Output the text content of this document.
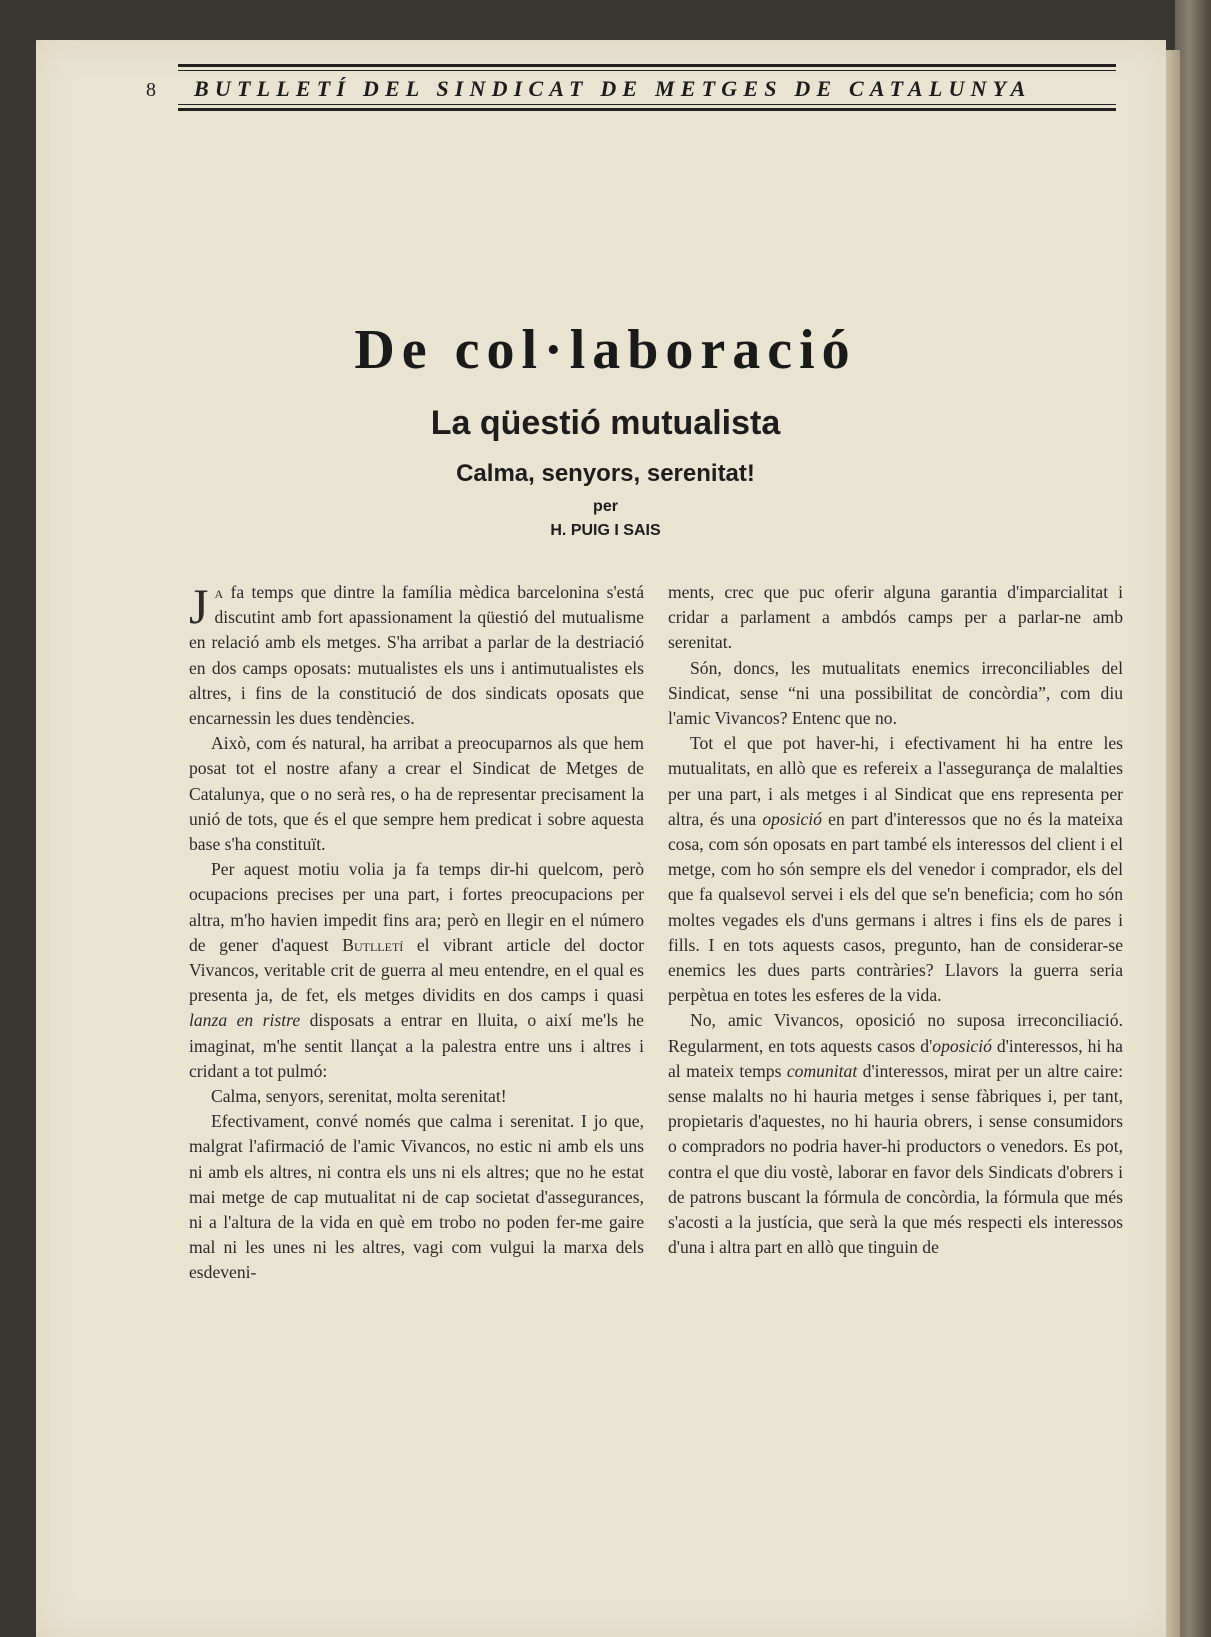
8 BUTLLETÍ DEL SINDICAT DE METGES DE CATALUNYA
De col·laboració
La qüestió mutualista
Calma, senyors, serenitat!
per
H. PUIG I SAIS

Ja fa temps que dintre la família mèdica barcelonina s'está discutint amb fort apassionament la qüestió del mutualisme en relació amb els metges. S'ha arribat a parlar de la destriació en dos camps oposats: mutualistes els uns i antimutualistes els altres, i fins de la constitució de dos sindicats oposats que encarnessin les dues tendències.

Això, com és natural, ha arribat a preocuparnos als que hem posat tot el nostre afany a crear el Sindicat de Metges de Catalunya, que o no serà res, o ha de representar precisament la unió de tots, que és el que sempre hem predicat i sobre aquesta base s'ha constituït.

Per aquest motiu volia ja fa temps dir-hi quelcom, però ocupacions precises per una part, i fortes preocupacions per altra, m'ho havien impedit fins ara; però en llegir en el número de gener d'aquest Butlletí el vibrant article del doctor Vivancos, veritable crit de guerra al meu entendre, en el qual es presenta ja, de fet, els metges dividits en dos camps i quasi lanza en ristre disposats a entrar en lluita, o així me'ls he imaginat, m'he sentit llançat a la palestra entre uns i altres i cridant a tot pulmó:

Calma, senyors, serenitat, molta serenitat!

Efectivament, convé només que calma i serenitat. I jo que, malgrat l'afirmació de l'amic Vivancos, no estic ni amb els uns ni amb els altres, ni contra els uns ni els altres; que no he estat mai metge de cap mutualitat ni de cap societat d'assegurances, ni a l'altura de la vida en què em trobo no poden fer-me gaire mal ni les unes ni les altres, vagi com vulgui la marxa dels esdeveni-

ments, crec que puc oferir alguna garantia d'imparcialitat i cridar a parlament a ambdós camps per a parlar-ne amb serenitat.

Són, doncs, les mutualitats enemics irreconciliables del Sindicat, sense “ni una possibilitat de concòrdia”, com diu l'amic Vivancos? Entenc que no.

Tot el que pot haver-hi, i efectivament hi ha entre les mutualitats, en allò que es refereix a l'assegurança de malalties per una part, i als metges i al Sindicat que ens representa per altra, és una oposició en part d'interessos que no és la mateixa cosa, com són oposats en part també els interessos del client i el metge, com ho són sempre els del venedor i comprador, els del que fa qualsevol servei i els del que se'n beneficia; com ho són moltes vegades els d'uns germans i altres i fins els de pares i fills. I en tots aquests casos, pregunto, han de considerar-se enemics les dues parts contràries? Llavors la guerra seria perpètua en totes les esferes de la vida.

No, amic Vivancos, oposició no suposa irreconciliació. Regularment, en tots aquests casos d'oposició d'interessos, hi ha al mateix temps comunitat d'interessos, mirat per un altre caire: sense malalts no hi hauria metges i sense fàbriques i, per tant, propietaris d'aquestes, no hi hauria obrers, i sense consumidors o compradors no podria haver-hi productors o venedors. Es pot, contra el que diu vostè, laborar en favor dels Sindicats d'obrers i de patrons buscant la fórmula de concòrdia, la fórmula que més s'acosti a la justícia, que serà la que més respecti els interessos d'una i altra part en allò que tinguin de
